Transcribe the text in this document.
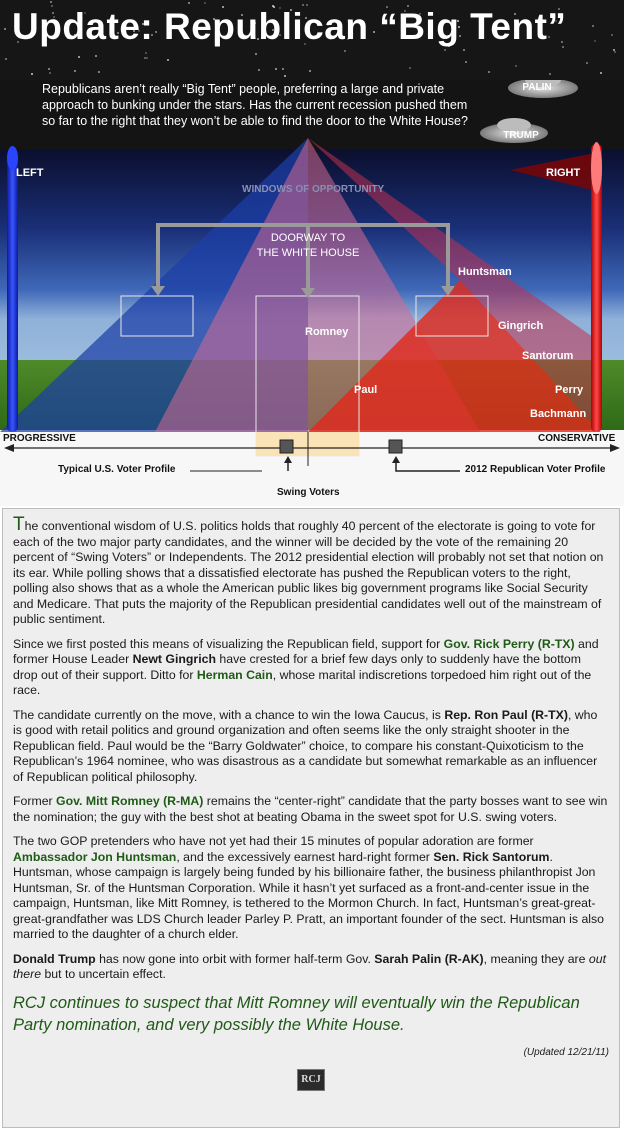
Update: Republican “Big Tent”

Republicans aren’t really “Big Tent” people, preferring a large and private approach to bunking under the stars. Has the current recession pushed them so far to the right that they won’t be able to find the door to the White House?

PALIN
TRUMP
LEFT	RIGHT
WINDOWS OF OPPORTUNITY
DOORWAY TO
THE WHITE HOUSE
Huntsman
Romney	Gingrich
Santorum
Paul	Perry
Bachmann
PROGRESSIVE	CONSERVATIVE
Typical U.S. Voter Profile	2012 Republican Voter Profile
Swing Voters

The conventional wisdom of U.S. politics holds that roughly 40 percent of the electorate is going to vote for each of the two major party candidates, and the winner will be decided by the vote of the remaining 20 percent of “Swing Voters” or Independents. The 2012 presidential election will probably not set that notion on its ear. While polling shows that a dissatisfied electorate has pushed the Republican voters to the right, polling also shows that as a whole the American public likes big government programs like Social Security and Medicare. That puts the majority of the Republican presidential candidates well out of the mainstream of public sentiment.

Since we first posted this means of visualizing the Republican field, support for Gov. Rick Perry (R-TX) and former House Leader Newt Gingrich have crested for a brief few days only to suddenly have the bottom drop out of their support. Ditto for Herman Cain, whose marital indiscretions torpedoed him right out of the race.

The candidate currently on the move, with a chance to win the Iowa Caucus, is Rep. Ron Paul (R-TX), who is good with retail politics and ground organization and often seems like the only straight shooter in the Republican field. Paul would be the “Barry Goldwater” choice, to compare his constant-Quixoticism to the Republican’s 1964 nominee, who was disastrous as a candidate but somewhat remarkable as an influencer of Republican political philosophy.

Former Gov. Mitt Romney (R-MA) remains the “center-right” candidate that the party bosses want to see win the nomination; the guy with the best shot at beating Obama in the sweet spot for U.S. swing voters.

The two GOP pretenders who have not yet had their 15 minutes of popular adoration are former Ambassador Jon Huntsman, and the excessively earnest hard-right former Sen. Rick Santorum. Huntsman, whose campaign is largely being funded by his billionaire father, the business philanthropist Jon Huntsman, Sr. of the Huntsman Corporation. While it hasn’t yet surfaced as a front-and-center issue in the campaign, Huntsman, like Mitt Romney, is tethered to the Mormon Church. In fact, Huntsman’s great-great-great-grandfather was LDS Church leader Parley P. Pratt, an important founder of the sect. Huntsman is also married to the daughter of a church elder.

Donald Trump has now gone into orbit with former half-term Gov. Sarah Palin (R-AK), meaning they are out there but to uncertain effect.

RCJ continues to suspect that Mitt Romney will eventually win the Republican Party nomination, and very possibly the White House.

(Updated 12/21/11)

RCJ
